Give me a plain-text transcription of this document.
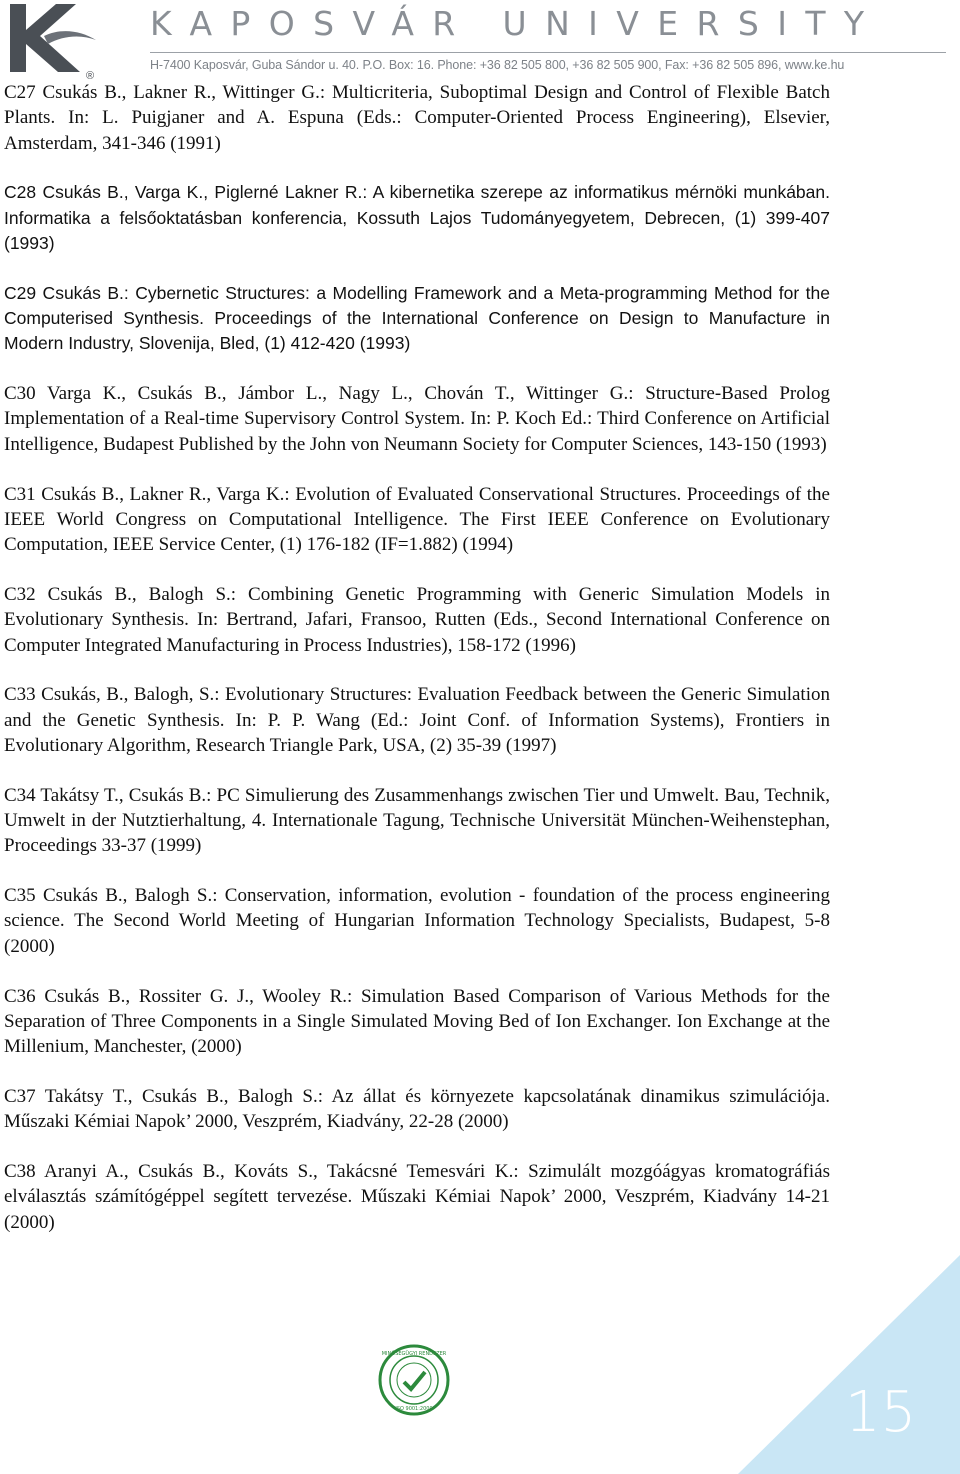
®
K
KAPOSVÁR UNIVERSITY
H-7400 Kaposvár, Guba Sándor u. 40. P.O. Box: 16. Phone: +36 82 505 800, +36 82 505 900, Fax: +36 82 505 896, www.ke.hu

C27 Csukás B., Lakner R., Wittinger G.: Multicriteria, Suboptimal Design and Control of Flexible Batch Plants. In: L. Puigjaner and A. Espuna (Eds.: Computer-Oriented Process Engineering), Elsevier, Amsterdam, 341-346 (1991)

C28 Csukás B., Varga K., Piglerné Lakner R.: A kibernetika szerepe az informatikus mérnöki munkában. Informatika a felsőoktatásban konferencia, Kossuth Lajos Tudományegyetem, Debrecen, (1) 399-407 (1993)

C29 Csukás B.: Cybernetic Structures: a Modelling Framework and a Meta-programming Method for the Computerised Synthesis. Proceedings of the International Conference on Design to Manufacture in Modern Industry, Slovenija, Bled, (1) 412-420 (1993)

C30 Varga K., Csukás B., Jámbor L., Nagy L., Chován T., Wittinger G.: Structure-Based Prolog Implementation of a Real-time Supervisory Control System. In: P. Koch Ed.: Third Conference on Artificial Intelligence, Budapest Published by the John von Neumann Society for Computer Sciences, 143-150 (1993)

C31 Csukás B., Lakner R., Varga K.: Evolution of Evaluated Conservational Structures. Proceedings of the IEEE World Congress on Computational Intelligence. The First IEEE Conference on Evolutionary Computation, IEEE Service Center, (1) 176-182 (IF=1.882) (1994)

C32 Csukás B., Balogh S.: Combining Genetic Programming with Generic Simulation Models in Evolutionary Synthesis. In: Bertrand, Jafari, Fransoo, Rutten (Eds., Second International Conference on Computer Integrated Manufacturing in Process Industries), 158-172 (1996)

C33 Csukás, B., Balogh, S.: Evolutionary Structures: Evaluation Feedback between the Generic Simulation and the Genetic Synthesis. In: P. P. Wang (Ed.: Joint Conf. of Information Systems), Frontiers in Evolutionary Algorithm, Research Triangle Park, USA, (2) 35-39 (1997)

C34 Takátsy T., Csukás B.: PC Simulierung des Zusammenhangs zwischen Tier und Umwelt. Bau, Technik, Umwelt in der Nutztierhaltung, 4. Internationale Tagung, Technische Universität München-Weihenstephan, Proceedings 33-37 (1999)

C35 Csukás B., Balogh S.: Conservation, information, evolution - foundation of the process engineering science. The Second World Meeting of Hungarian Information Technology Specialists, Budapest, 5-8 (2000)

C36 Csukás B., Rossiter G. J., Wooley R.: Simulation Based Comparison of Various Methods for the Separation of Three Components in a Single Simulated Moving Bed of Ion Exchanger. Ion Exchange at the Millenium, Manchester, (2000)

C37 Takátsy T., Csukás B., Balogh S.: Az állat és környezete kapcsolatának dinamikus szimulációja. Műszaki Kémiai Napok’ 2000, Veszprém, Kiadvány, 22-28 (2000)

C38 Aranyi A., Csukás B., Kováts S., Takácsné Temesvári K.: Szimulált mozgóágyas kromatográfiás elválasztás számítógéppel segített tervezése. Műszaki Kémiai Napok’ 2000, Veszprém, Kiadvány 14-21 (2000)

MINŐSÉGÜGYI RENDSZER
ISO 9001:2000	15
